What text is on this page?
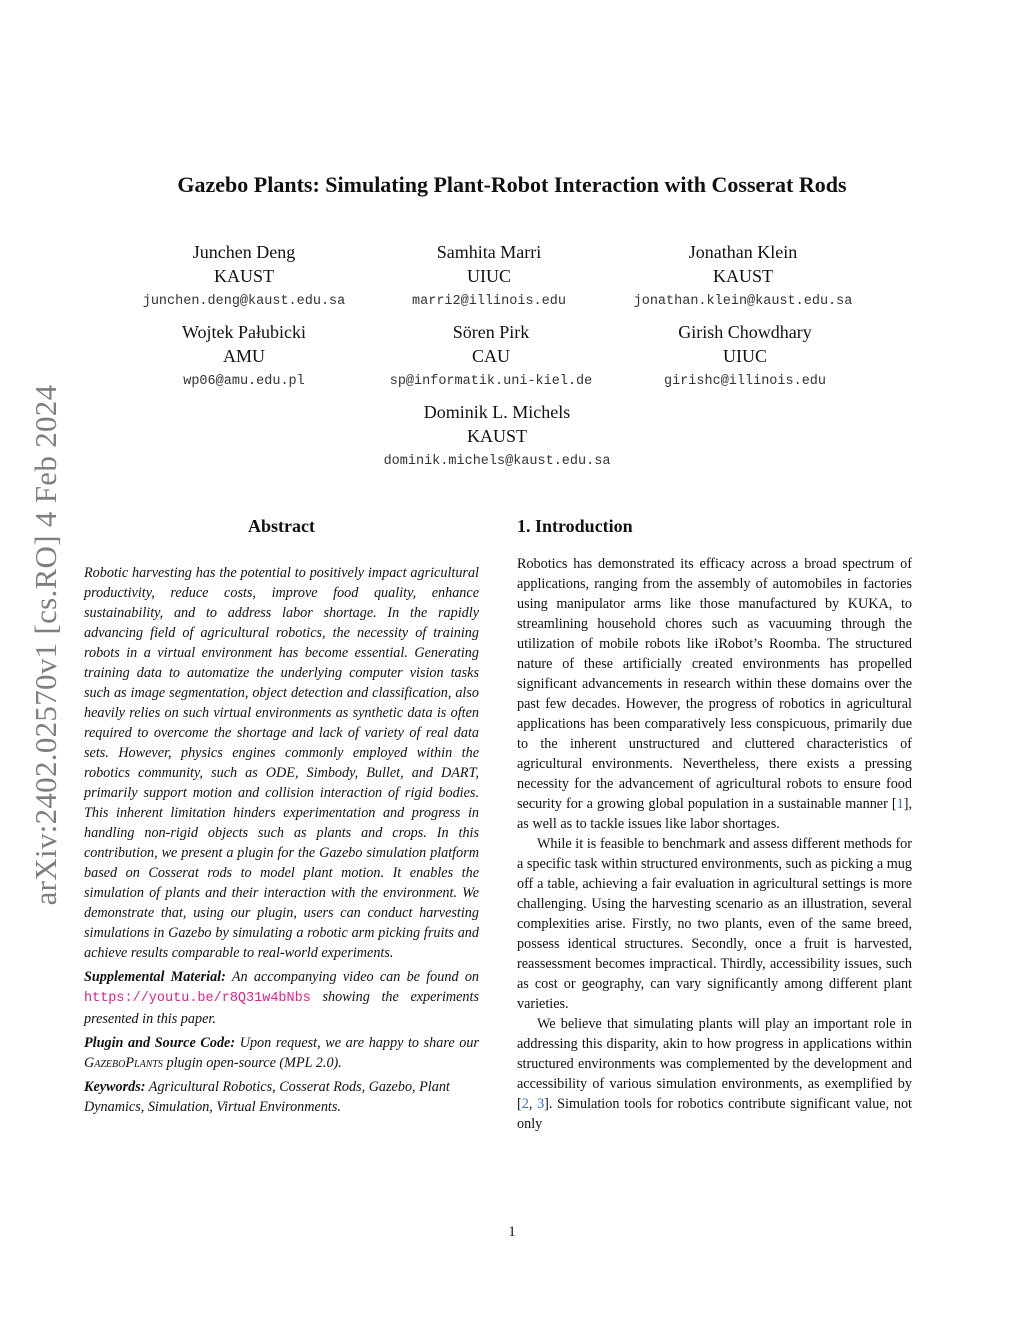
arXiv:2402.02570v1 [cs.RO] 4 Feb 2024
Gazebo Plants: Simulating Plant-Robot Interaction with Cosserat Rods
Junchen Deng
KAUST
junchen.deng@kaust.edu.sa
Samhita Marri
UIUC
marri2@illinois.edu
Jonathan Klein
KAUST
jonathan.klein@kaust.edu.sa
Wojtek Pałubicki
AMU
wp06@amu.edu.pl
Sören Pirk
CAU
sp@informatik.uni-kiel.de
Girish Chowdhary
UIUC
girishc@illinois.edu
Dominik L. Michels
KAUST
dominik.michels@kaust.edu.sa
Abstract	1. Introduction

Robotic harvesting has the potential to positively impact agricultural productivity, reduce costs, improve food quality, enhance sustainability, and to address labor shortage. In the rapidly advancing field of agricultural robotics, the necessity of training robots in a virtual environment has become essential. Generating training data to automatize the underlying computer vision tasks such as image segmentation, object detection and classification, also heavily relies on such virtual environments as synthetic data is often required to overcome the shortage and lack of variety of real data sets. However, physics engines commonly employed within the robotics community, such as ODE, Simbody, Bullet, and DART, primarily support motion and collision interaction of rigid bodies. This inherent limitation hinders experimentation and progress in handling non-rigid objects such as plants and crops. In this contribution, we present a plugin for the Gazebo simulation platform based on Cosserat rods to model plant motion. It enables the simulation of plants and their interaction with the environment. We demonstrate that, using our plugin, users can conduct harvesting simulations in Gazebo by simulating a robotic arm picking fruits and achieve results comparable to real-world experiments.

Supplemental Material: An accompanying video can be found on https://youtu.be/r8Q31w4bNbs showing the experiments presented in this paper.

Plugin and Source Code: Upon request, we are happy to share our GazeboPlants plugin open-source (MPL 2.0).

Keywords: Agricultural Robotics, Cosserat Rods, Gazebo, Plant Dynamics, Simulation, Virtual Environments.

Robotics has demonstrated its efficacy across a broad spectrum of applications, ranging from the assembly of automobiles in factories using manipulator arms like those manufactured by KUKA, to streamlining household chores such as vacuuming through the utilization of mobile robots like iRobot’s Roomba. The structured nature of these artificially created environments has propelled significant advancements in research within these domains over the past few decades. However, the progress of robotics in agricultural applications has been comparatively less conspicuous, primarily due to the inherent unstructured and cluttered characteristics of agricultural environments. Nevertheless, there exists a pressing necessity for the advancement of agricultural robots to ensure food security for a growing global population in a sustainable manner [1], as well as to tackle issues like labor shortages.

While it is feasible to benchmark and assess different methods for a specific task within structured environments, such as picking a mug off a table, achieving a fair evaluation in agricultural settings is more challenging. Using the harvesting scenario as an illustration, several complexities arise. Firstly, no two plants, even of the same breed, possess identical structures. Secondly, once a fruit is harvested, reassessment becomes impractical. Thirdly, accessibility issues, such as cost or geography, can vary significantly among different plant varieties.

We believe that simulating plants will play an important role in addressing this disparity, akin to how progress in applications within structured environments was complemented by the development and accessibility of various simulation environments, as exemplified by [2, 3]. Simulation tools for robotics contribute significant value, not only

1
